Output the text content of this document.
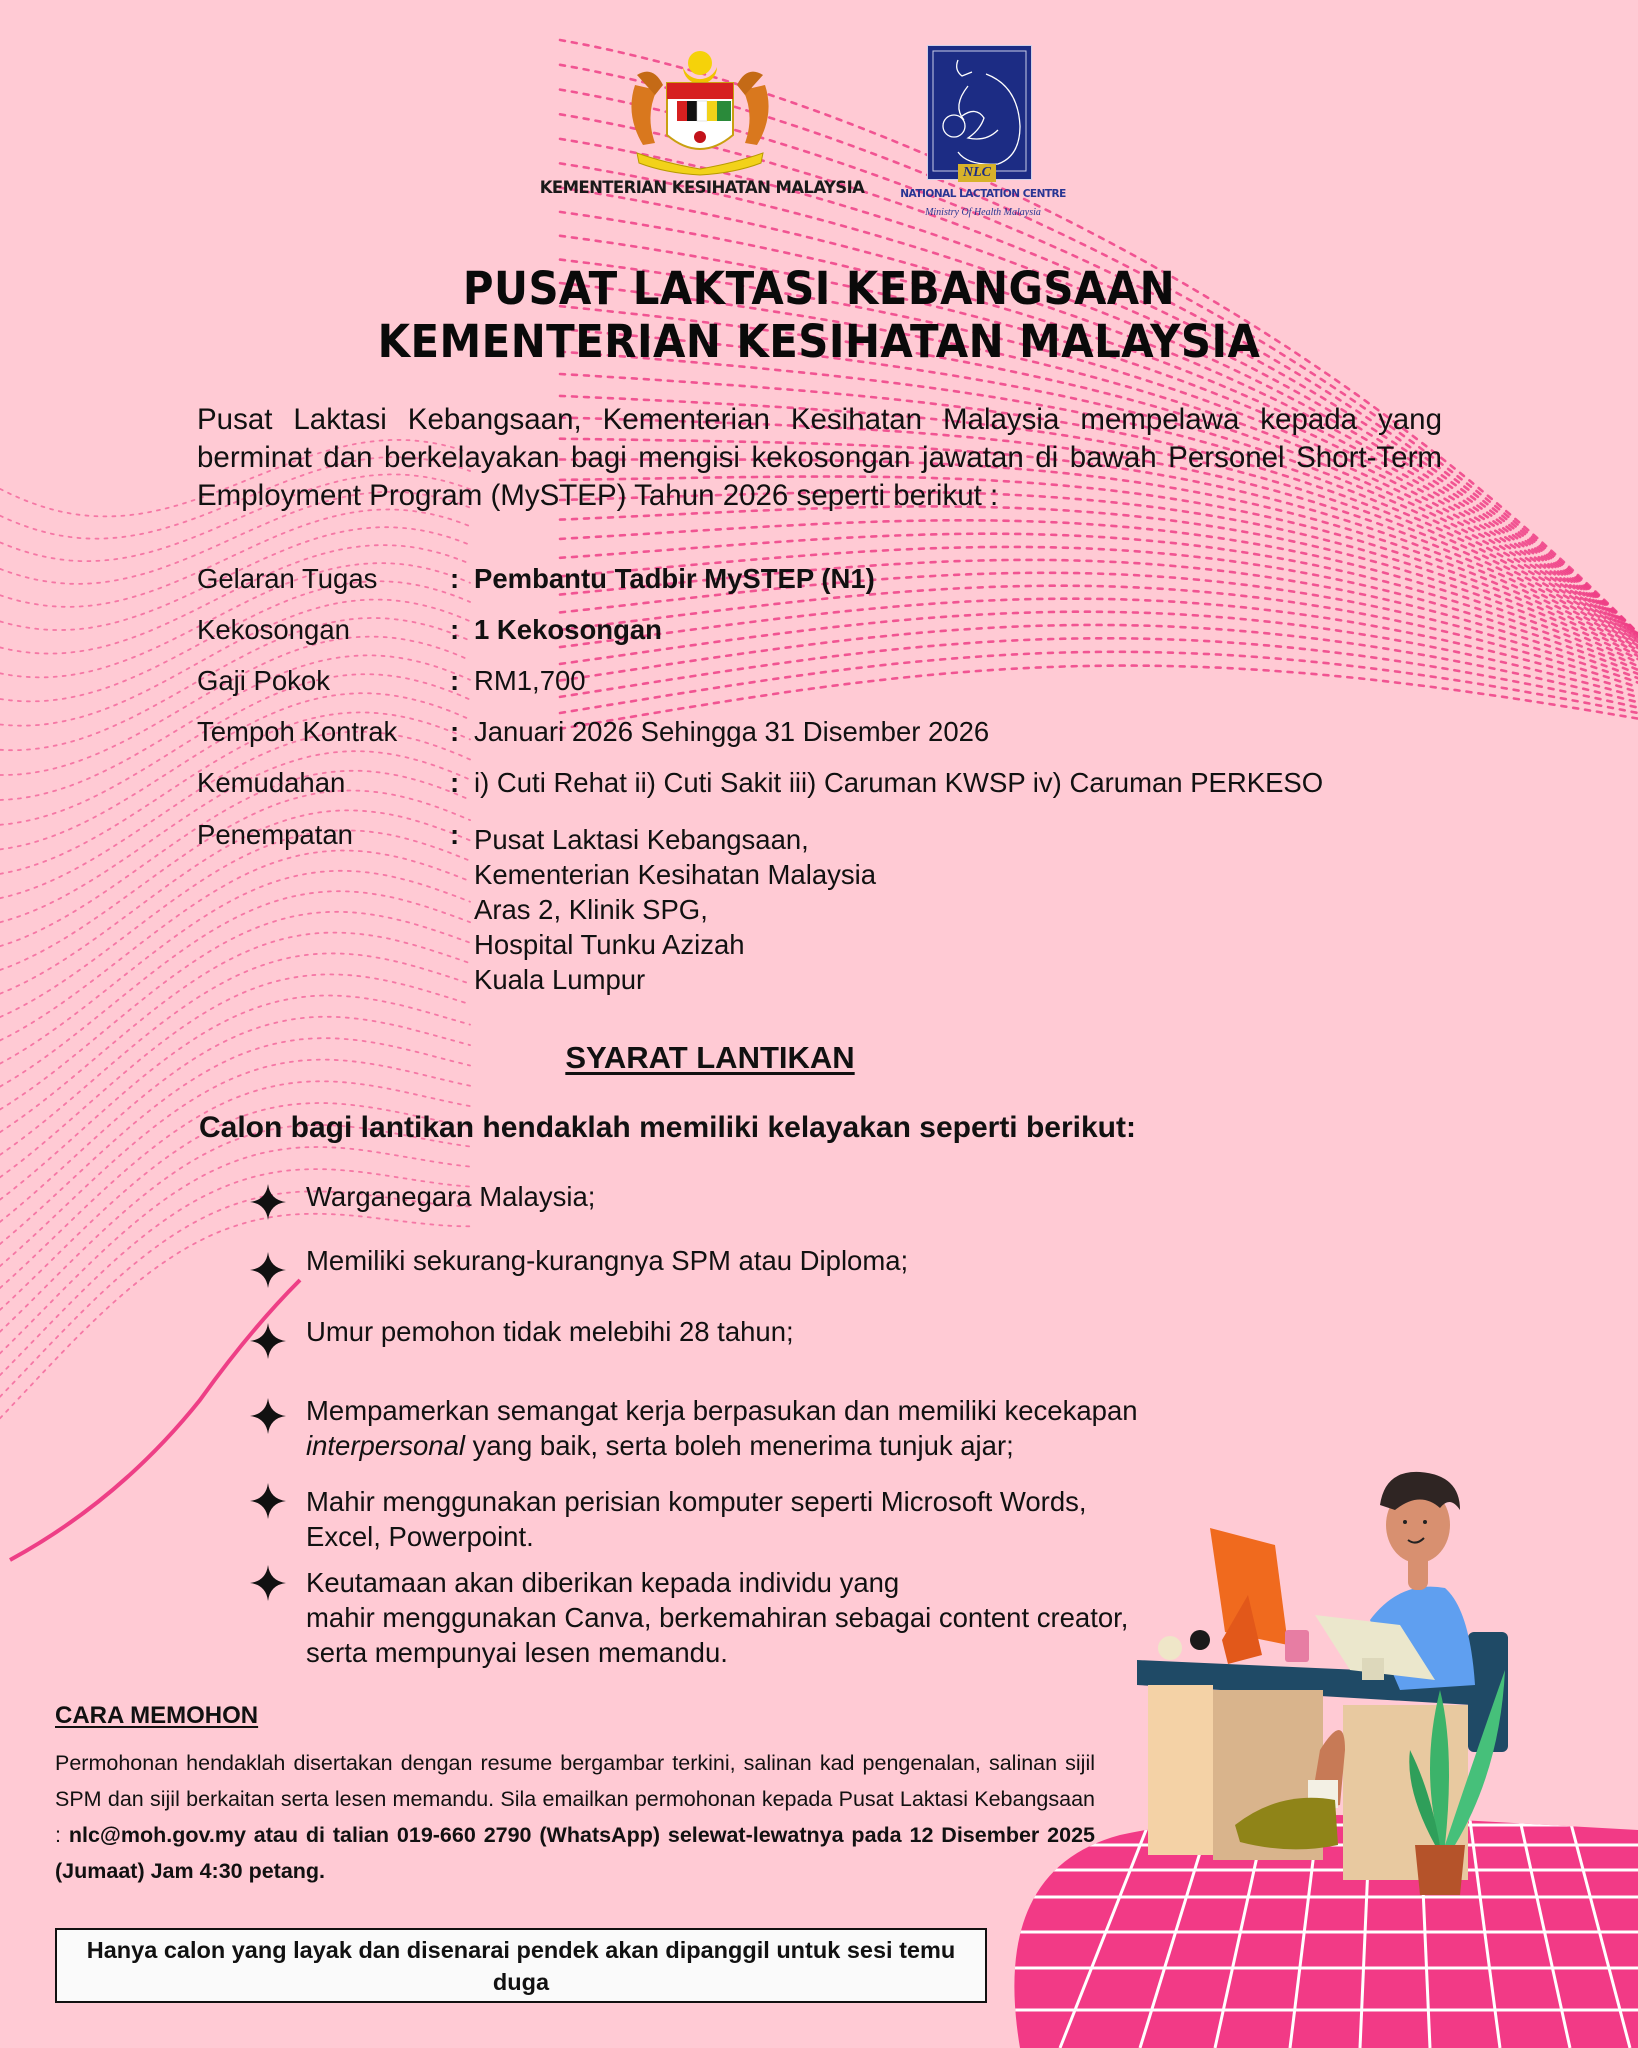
KEMENTERIAN KESIHATAN MALAYSIA
NLC
NATIONAL LACTATION CENTRE
Ministry Of Health Malaysia
PUSAT LAKTASI KEBANGSAAN
KEMENTERIAN KESIHATAN MALAYSIA
Pusat Laktasi Kebangsaan, Kementerian Kesihatan Malaysia mempelawa kepada yang berminat dan berkelayakan bagi mengisi kekosongan jawatan di bawah Personel Short-Term Employment Program (MySTEP) Tahun 2026 seperti berikut :
Gelaran Tugas	: Pembantu Tadbir MySTEP (N1)
Kekosongan	: 1 Kekosongan
Gaji Pokok	: RM1,700
Tempoh Kontrak : Januari 2026 Sehingga 31 Disember 2026
Kemudahan	: i) Cuti Rehat ii) Cuti Sakit iii) Caruman KWSP iv) Caruman PERKESO
Penempatan	: Pusat Laktasi Kebangsaan,
Kementerian Kesihatan Malaysia
Aras 2, Klinik SPG,
Hospital Tunku Azizah
Kuala Lumpur
SYARAT LANTIKAN
Calon bagi lantikan hendaklah memiliki kelayakan seperti berikut:
Warganegara Malaysia;
Memiliki sekurang-kurangnya SPM atau Diploma;
Umur pemohon tidak melebihi 28 tahun;
Mempamerkan semangat kerja berpasukan dan memiliki kecekapan
interpersonal yang baik, serta boleh menerima tunjuk ajar;
Mahir menggunakan perisian komputer seperti Microsoft Words,
Excel, Powerpoint.
Keutamaan akan diberikan kepada individu yang
mahir menggunakan Canva, berkemahiran sebagai content creator,
serta mempunyai lesen memandu.
CARA MEMOHON
Permohonan hendaklah disertakan dengan resume bergambar terkini, salinan kad pengenalan, salinan sijil SPM dan sijil berkaitan serta lesen memandu. Sila emailkan permohonan kepada Pusat Laktasi Kebangsaan : nlc@moh.gov.my atau di talian 019-660 2790 (WhatsApp) selewat-lewatnya pada 12 Disember 2025 (Jumaat) Jam 4:30 petang.
Hanya calon yang layak dan disenarai pendek akan dipanggil untuk sesi temu duga
